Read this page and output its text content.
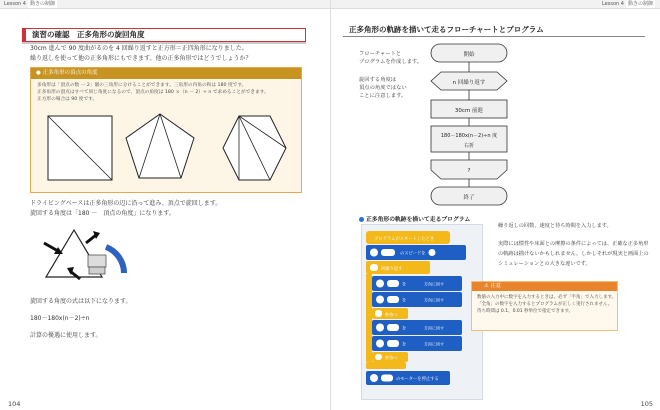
Lesson 4 動きの制御
演習の確認　正多角形の旋回角度
30cm 進んで 90 度曲がるのを 4 回繰り返すと正方形＝正四角形になりました。
繰り返しを使って他の正多角形にもできます。他の正多角形ではどうでしょうか？
● 正多角形の頂点の角度
多角形は「頂点の数 － 2」個の三角形に分けることができます。三角形の内角の和は 180 度です。
正多角形の頂点はすべて同じ角度になるので、頂点の角度は 180 ｘ（n － 2）÷ n で求めることができます。
正方形の場合は 90 度です。
ドライビングベースは正多角形の辺に沿って進み、頂点で旋回します。
旋回する角度は「180 －　頂点の角度」になります。
旋回する角度の式は以下になります。
180－180x(n－2)÷n
計算の優遇に使用します。
104
Lesson 4 動きの制御
正多角形の軌跡を描いて走るフローチャートとプログラム
フローチャートと
プログラムを作成します。
旋回する角度は
頂点の角度ではない
ことに注意します。
開始
n 回繰り返す
30cm 前進
180－180x(n－2)÷n 度
右折
?
終了
正多角形の軌跡を描いて走るプログラム
プログラムがスタートしたとき
のスピードを
回繰り返す
を	方向に回す
を	方向に回す
秒待つ
を	方向に回す
を	方向に回す
秒待つ
のモーターを停止する
繰り返しの回数、速度と待ち時間を入力します。
実際には慣性や床面との摩擦の条件によっては、正確な正多角形
の軌跡は描けないかもしれません。しかしそれが現実と画面上の
シミュレーションとの大きな違いです。
⚠ 注意
数値の入力中に数字を入力するときは、必ず「半角」で入力します。
「全角」の数字を入力するとプログラムが正しく実行されません。
待ち時間は 0.1、0.01 秒単位で指定できます。
105
